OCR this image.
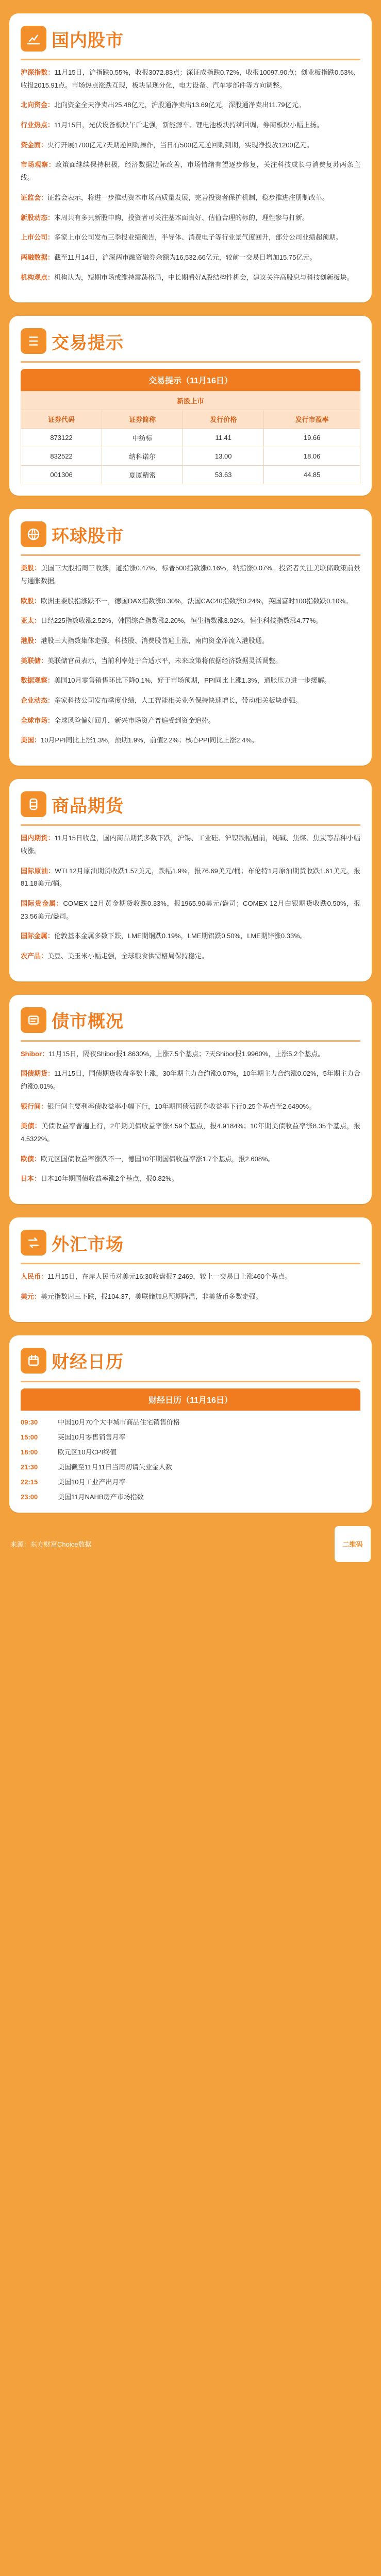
国内股市
沪深指数：11月15日，沪指跌0.55%，收报3072.83点；深证成指跌0.72%，收报10097.90点；创业板指跌0.53%，收报2015.91点。市场热点涨跌互现，板块呈现分化，电力设备、汽车零部件等方向调整。
北向资金：北向资金全天净卖出25.48亿元，沪股通净卖出13.69亿元，深股通净卖出11.79亿元。
行业热点：11月15日，光伏设备板块午后走强，新能源车、锂电池板块持续回调，券商板块小幅上扬。
资金面：央行开展1700亿元7天期逆回购操作，当日有500亿元逆回购到期，实现净投放1200亿元。
市场观察：政策面继续保持积极，经济数据边际改善，市场情绪有望逐步修复，关注科技成长与消费复苏两条主线。
证监会：证监会表示，将进一步推动资本市场高质量发展，完善投资者保护机制，稳步推进注册制改革。
新股动态：本周共有多只新股申购，投资者可关注基本面良好、估值合理的标的，理性参与打新。
上市公司：多家上市公司发布三季报业绩预告，半导体、消费电子等行业景气度回升，部分公司业绩超预期。
两融数据：截至11月14日，沪深两市融资融券余额为16,532.66亿元，较前一交易日增加15.75亿元。
机构观点：机构认为，短期市场或维持震荡格局，中长期看好A股结构性机会，建议关注高股息与科技创新板块。
交易提示
交易提示（11月16日）
新股上市			
证券代码	证券简称	发行价格	发行市盈率
873122	中纺标	11.41	19.66
832522	纳科诺尔	13.00	18.06
001306	夏厦精密	53.63	44.85
环球股市
美股：美国三大股指周三收涨，道指涨0.47%，标普500指数涨0.16%，纳指涨0.07%。投资者关注美联储政策前景与通胀数据。
欧股：欧洲主要股指涨跌不一，德国DAX指数涨0.30%，法国CAC40指数涨0.24%，英国富时100指数跌0.10%。
亚太：日经225指数收涨2.52%，韩国综合指数涨2.20%，恒生指数涨3.92%，恒生科技指数涨4.77%。
港股：港股三大指数集体走强，科技股、消费股普遍上涨，南向资金净流入港股通。
美联储：美联储官员表示，当前利率处于合适水平，未来政策将依据经济数据灵活调整。
数据观察：美国10月零售销售环比下降0.1%，好于市场预期，PPI同比上涨1.3%，通胀压力进一步缓解。
企业动态：多家科技公司发布季度业绩，人工智能相关业务保持快速增长，带动相关板块走强。
全球市场：全球风险偏好回升，新兴市场资产普遍受到资金追捧。
美国：10月PPI同比上涨1.3%，预期1.9%，前值2.2%；核心PPI同比上涨2.4%。
商品期货
国内期货：11月15日收盘，国内商品期货多数下跌，沪锡、工业硅、沪镍跌幅居前，纯碱、焦煤、焦炭等品种小幅收涨。
国际原油：WTI 12月原油期货收跌1.57美元，跌幅1.9%，报76.69美元/桶；布伦特1月原油期货收跌1.61美元，报81.18美元/桶。
国际贵金属：COMEX 12月黄金期货收跌0.33%，报1965.90美元/盎司；COMEX 12月白银期货收跌0.50%，报23.56美元/盎司。
国际金属：伦敦基本金属多数下跌，LME期铜跌0.19%，LME期铝跌0.50%，LME期锌涨0.33%。
农产品：美豆、美玉米小幅走强，全球粮食供需格局保持稳定。
债市概况
Shibor：11月15日，隔夜Shibor报1.8630%，上涨7.5个基点；7天Shibor报1.9960%，上涨5.2个基点。
国债期货：11月15日，国债期货收盘多数上涨，30年期主力合约涨0.07%，10年期主力合约涨0.02%，5年期主力合约涨0.01%。
银行间：银行间主要利率债收益率小幅下行，10年期国债活跃券收益率下行0.25个基点至2.6490%。
美债：美债收益率普遍上行，2年期美债收益率涨4.59个基点，报4.9184%；10年期美债收益率涨8.35个基点，报4.5322%。
欧债：欧元区国债收益率涨跌不一，德国10年期国债收益率涨1.7个基点，报2.608%。
日本：日本10年期国债收益率涨2个基点，报0.82%。
外汇市场
人民币：11月15日，在岸人民币对美元16:30收盘报7.2469，较上一交易日上涨460个基点。
美元：美元指数周三下跌，报104.37，美联储加息预期降温，非美货币多数走强。
财经日历
财经日历（11月16日）
09:30	中国10月70个大中城市商品住宅销售价格
15:00	英国10月零售销售月率
18:00	欧元区10月CPI终值
21:30	美国截至11月11日当周初请失业金人数
22:15	美国10月工业产出月率
23:00	美国11月NAHB房产市场指数
来源：东方财富Choice数据	二维码
